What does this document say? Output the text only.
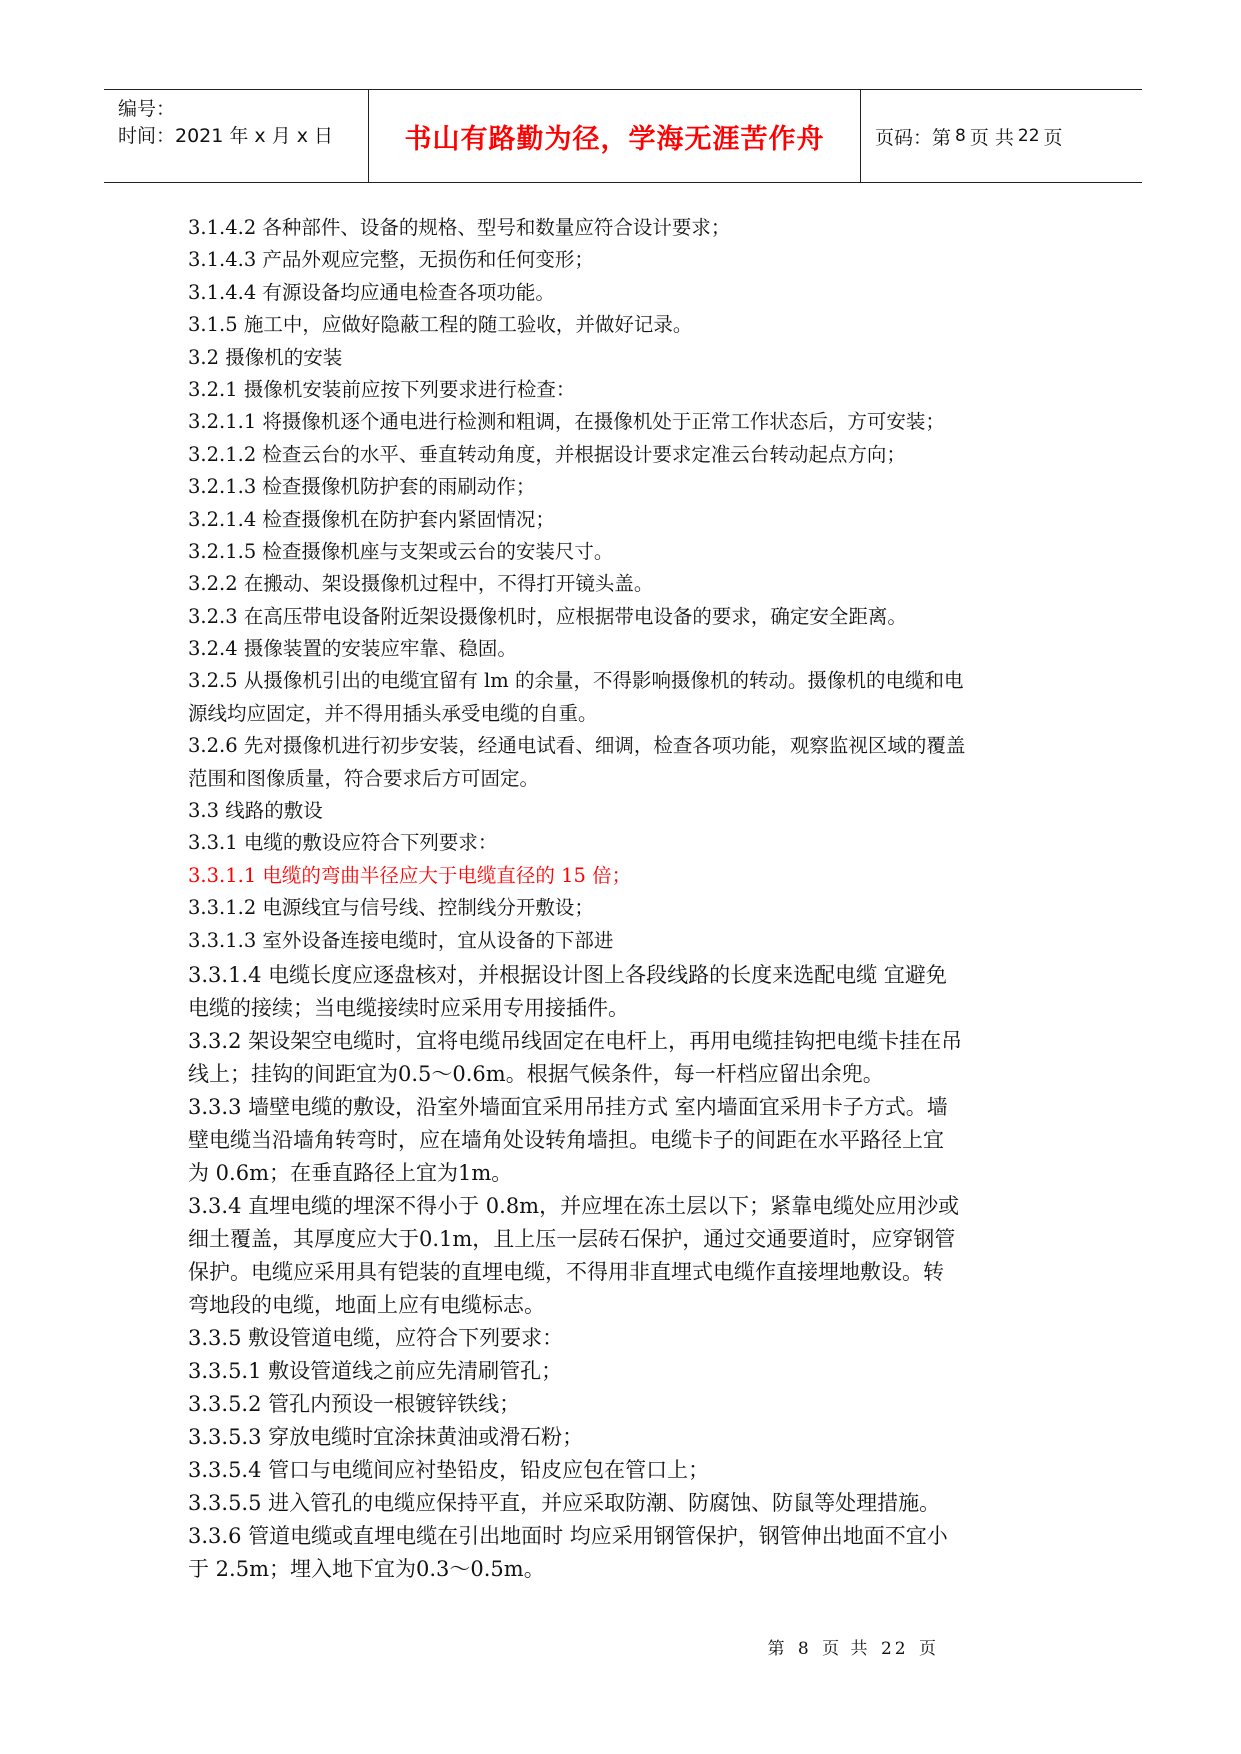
编号：
时间：2021 年 x 月 x 日	书山有路勤为径，学海无涯苦作舟	页码：第 8 页 共 22 页
3.1.4.2 各种部件、设备的规格、型号和数量应符合设计要求；
3.1.4.3 产品外观应完整，无损伤和任何变形；
3.1.4.4 有源设备均应通电检查各项功能。
3.1.5 施工中，应做好隐蔽工程的随工验收，并做好记录。
3.2 摄像机的安装
3.2.1 摄像机安装前应按下列要求进行检查：
3.2.1.1 将摄像机逐个通电进行检测和粗调，在摄像机处于正常工作状态后，方可安装；
3.2.1.2 检查云台的水平、垂直转动角度，并根据设计要求定准云台转动起点方向；
3.2.1.3 检查摄像机防护套的雨刷动作；
3.2.1.4 检查摄像机在防护套内紧固情况；
3.2.1.5 检查摄像机座与支架或云台的安装尺寸。
3.2.2 在搬动、架设摄像机过程中，不得打开镜头盖。
3.2.3 在高压带电设备附近架设摄像机时，应根据带电设备的要求，确定安全距离。
3.2.4 摄像装置的安装应牢靠、稳固。
3.2.5 从摄像机引出的电缆宜留有 lm 的余量，不得影响摄像机的转动。摄像机的电缆和电
源线均应固定，并不得用插头承受电缆的自重。
3.2.6 先对摄像机进行初步安装，经通电试看、细调，检查各项功能，观察监视区域的覆盖
范围和图像质量，符合要求后方可固定。
3.3 线路的敷设
3.3.1 电缆的敷设应符合下列要求：
3.3.1.1 电缆的弯曲半径应大于电缆直径的 15 倍；
3.3.1.2 电源线宜与信号线、控制线分开敷设；
3.3.1.3 室外设备连接电缆时，宜从设备的下部进
3.3.1.4 电缆长度应逐盘核对，并根据设计图上各段线路的长度来选配电缆 宜避免
电缆的接续；当电缆接续时应采用专用接插件。
3.3.2 架设架空电缆时，宜将电缆吊线固定在电杆上，再用电缆挂钩把电缆卡挂在吊
线上；挂钩的间距宜为0.5～0.6m。根据气候条件，每一杆档应留出余兜。
3.3.3 墙壁电缆的敷设，沿室外墙面宜采用吊挂方式 室内墙面宜采用卡子方式。墙
壁电缆当沿墙角转弯时，应在墙角处设转角墙担。电缆卡子的间距在水平路径上宜
为 0.6m；在垂直路径上宜为1m。
3.3.4 直埋电缆的埋深不得小于 0.8m，并应埋在冻土层以下；紧靠电缆处应用沙或
细土覆盖，其厚度应大于0.1m，且上压一层砖石保护，通过交通要道时，应穿钢管
保护。电缆应采用具有铠装的直埋电缆，不得用非直埋式电缆作直接埋地敷设。转
弯地段的电缆，地面上应有电缆标志。
3.3.5 敷设管道电缆，应符合下列要求：
3.3.5.1 敷设管道线之前应先清刷管孔；
3.3.5.2 管孔内预设一根镀锌铁线；
3.3.5.3 穿放电缆时宜涂抹黄油或滑石粉；
3.3.5.4 管口与电缆间应衬垫铅皮，铅皮应包在管口上；
3.3.5.5 进入管孔的电缆应保持平直，并应采取防潮、防腐蚀、防鼠等处理措施。
3.3.6 管道电缆或直埋电缆在引出地面时 均应采用钢管保护，钢管伸出地面不宜小
于 2.5m；埋入地下宜为0.3～0.5m。
第 8 页 共 22 页
